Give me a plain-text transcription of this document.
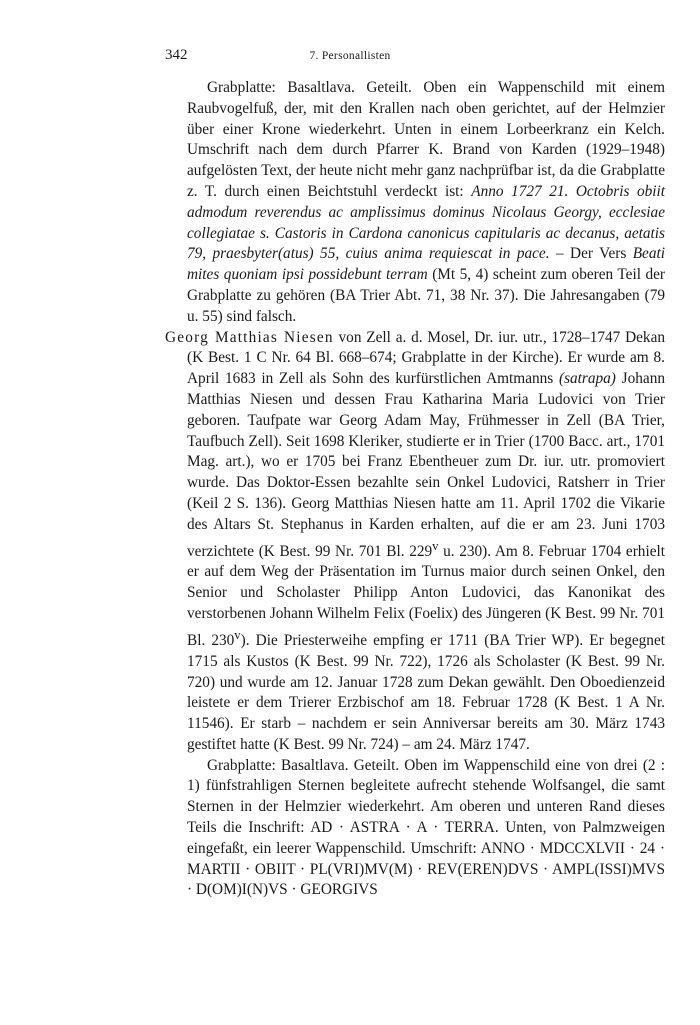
342	7. Personallisten

Grabplatte: Basaltlava. Geteilt. Oben ein Wappenschild mit einem Raubvogelfuß, der, mit den Krallen nach oben gerichtet, auf der Helmzier über einer Krone wiederkehrt. Unten in einem Lorbeerkranz ein Kelch. Umschrift nach dem durch Pfarrer K. Brand von Karden (1929–1948) aufgelösten Text, der heute nicht mehr ganz nachprüfbar ist, da die Grabplatte z. T. durch einen Beichtstuhl verdeckt ist: Anno 1727 21. Octobris obiit admodum reverendus ac amplissimus dominus Nicolaus Georgy, ecclesiae collegiatae s. Castoris in Cardona canonicus capitularis ac decanus, aetatis 79, praesbyter(atus) 55, cuius anima requiescat in pace. – Der Vers Beati mites quoniam ipsi possidebunt terram (Mt 5, 4) scheint zum oberen Teil der Grabplatte zu gehören (BA Trier Abt. 71, 38 Nr. 37). Die Jahresangaben (79 u. 55) sind falsch.

Georg Matthias Niesen von Zell a. d. Mosel, Dr. iur. utr., 1728–1747 Dekan (K Best. 1 C Nr. 64 Bl. 668–674; Grabplatte in der Kirche). Er wurde am 8. April 1683 in Zell als Sohn des kurfürstlichen Amtmanns (satrapa) Johann Matthias Niesen und dessen Frau Katharina Maria Ludovici von Trier geboren. Taufpate war Georg Adam May, Frühmesser in Zell (BA Trier, Taufbuch Zell). Seit 1698 Kleriker, studierte er in Trier (1700 Bacc. art., 1701 Mag. art.), wo er 1705 bei Franz Ebentheuer zum Dr. iur. utr. promoviert wurde. Das Doktor-Essen bezahlte sein Onkel Ludovici, Ratsherr in Trier (Keil 2 S. 136). Georg Matthias Niesen hatte am 11. April 1702 die Vikarie des Altars St. Stephanus in Karden erhalten, auf die er am 23. Juni 1703 verzichtete (K Best. 99 Nr. 701 Bl. 229$^v$ u. 230). Am 8. Februar 1704 erhielt er auf dem Weg der Präsentation im Turnus maior durch seinen Onkel, den Senior und Scholaster Philipp Anton Ludovici, das Kanonikat des verstorbenen Johann Wilhelm Felix (Foelix) des Jüngeren (K Best. 99 Nr. 701 Bl. 230$^v$). Die Priesterweihe empfing er 1711 (BA Trier WP). Er begegnet 1715 als Kustos (K Best. 99 Nr. 722), 1726 als Scholaster (K Best. 99 Nr. 720) und wurde am 12. Januar 1728 zum Dekan gewählt. Den Oboedienzeid leistete er dem Trierer Erzbischof am 18. Februar 1728 (K Best. 1 A Nr. 11546). Er starb – nachdem er sein Anniversar bereits am 30. März 1743 gestiftet hatte (K Best. 99 Nr. 724) – am 24. März 1747.

Grabplatte: Basaltlava. Geteilt. Oben im Wappenschild eine von drei (2 : 1) fünfstrahligen Sternen begleitete aufrecht stehende Wolfsangel, die samt Sternen in der Helmzier wiederkehrt. Am oberen und unteren Rand dieses Teils die Inschrift: AD · ASTRA · A · TERRA. Unten, von Palmzweigen eingefaßt, ein leerer Wappenschild. Umschrift: ANNO · MDCCXLVII · 24 · MARTII · OBIIT · PL(VRI)MV(M) · REV(EREN)DVS · AMPL(ISSI)MVS · D(OM)I(N)VS · GEORGIVS
